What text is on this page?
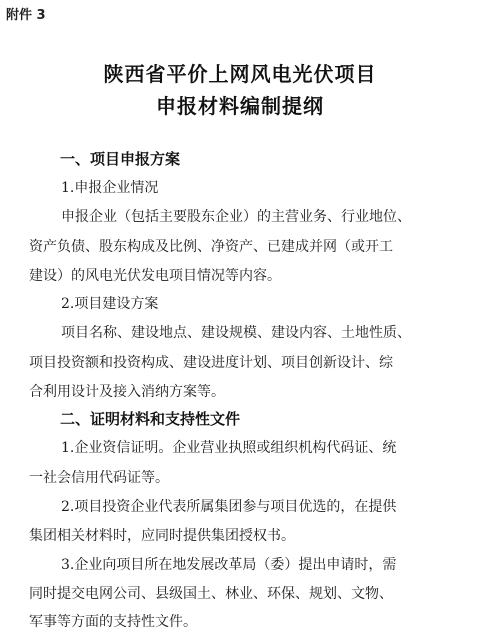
附件 3
陕西省平价上网风电光伏项目
申报材料编制提纲
一、项目申报方案
1.申报企业情况
申报企业（包括主要股东企业）的主营业务、行业地位、
资产负债、股东构成及比例、净资产、已建成并网（或开工
建设）的风电光伏发电项目情况等内容。
2.项目建设方案
项目名称、建设地点、建设规模、建设内容、土地性质、
项目投资额和投资构成、建设进度计划、项目创新设计、综
合利用设计及接入消纳方案等。
二、证明材料和支持性文件
1.企业资信证明。企业营业执照或组织机构代码证、统
一社会信用代码证等。
2.项目投资企业代表所属集团参与项目优选的，在提供
集团相关材料时，应同时提供集团授权书。
3.企业向项目所在地发展改革局（委）提出申请时，需
同时提交电网公司、县级国土、林业、环保、规划、文物、
军事等方面的支持性文件。
